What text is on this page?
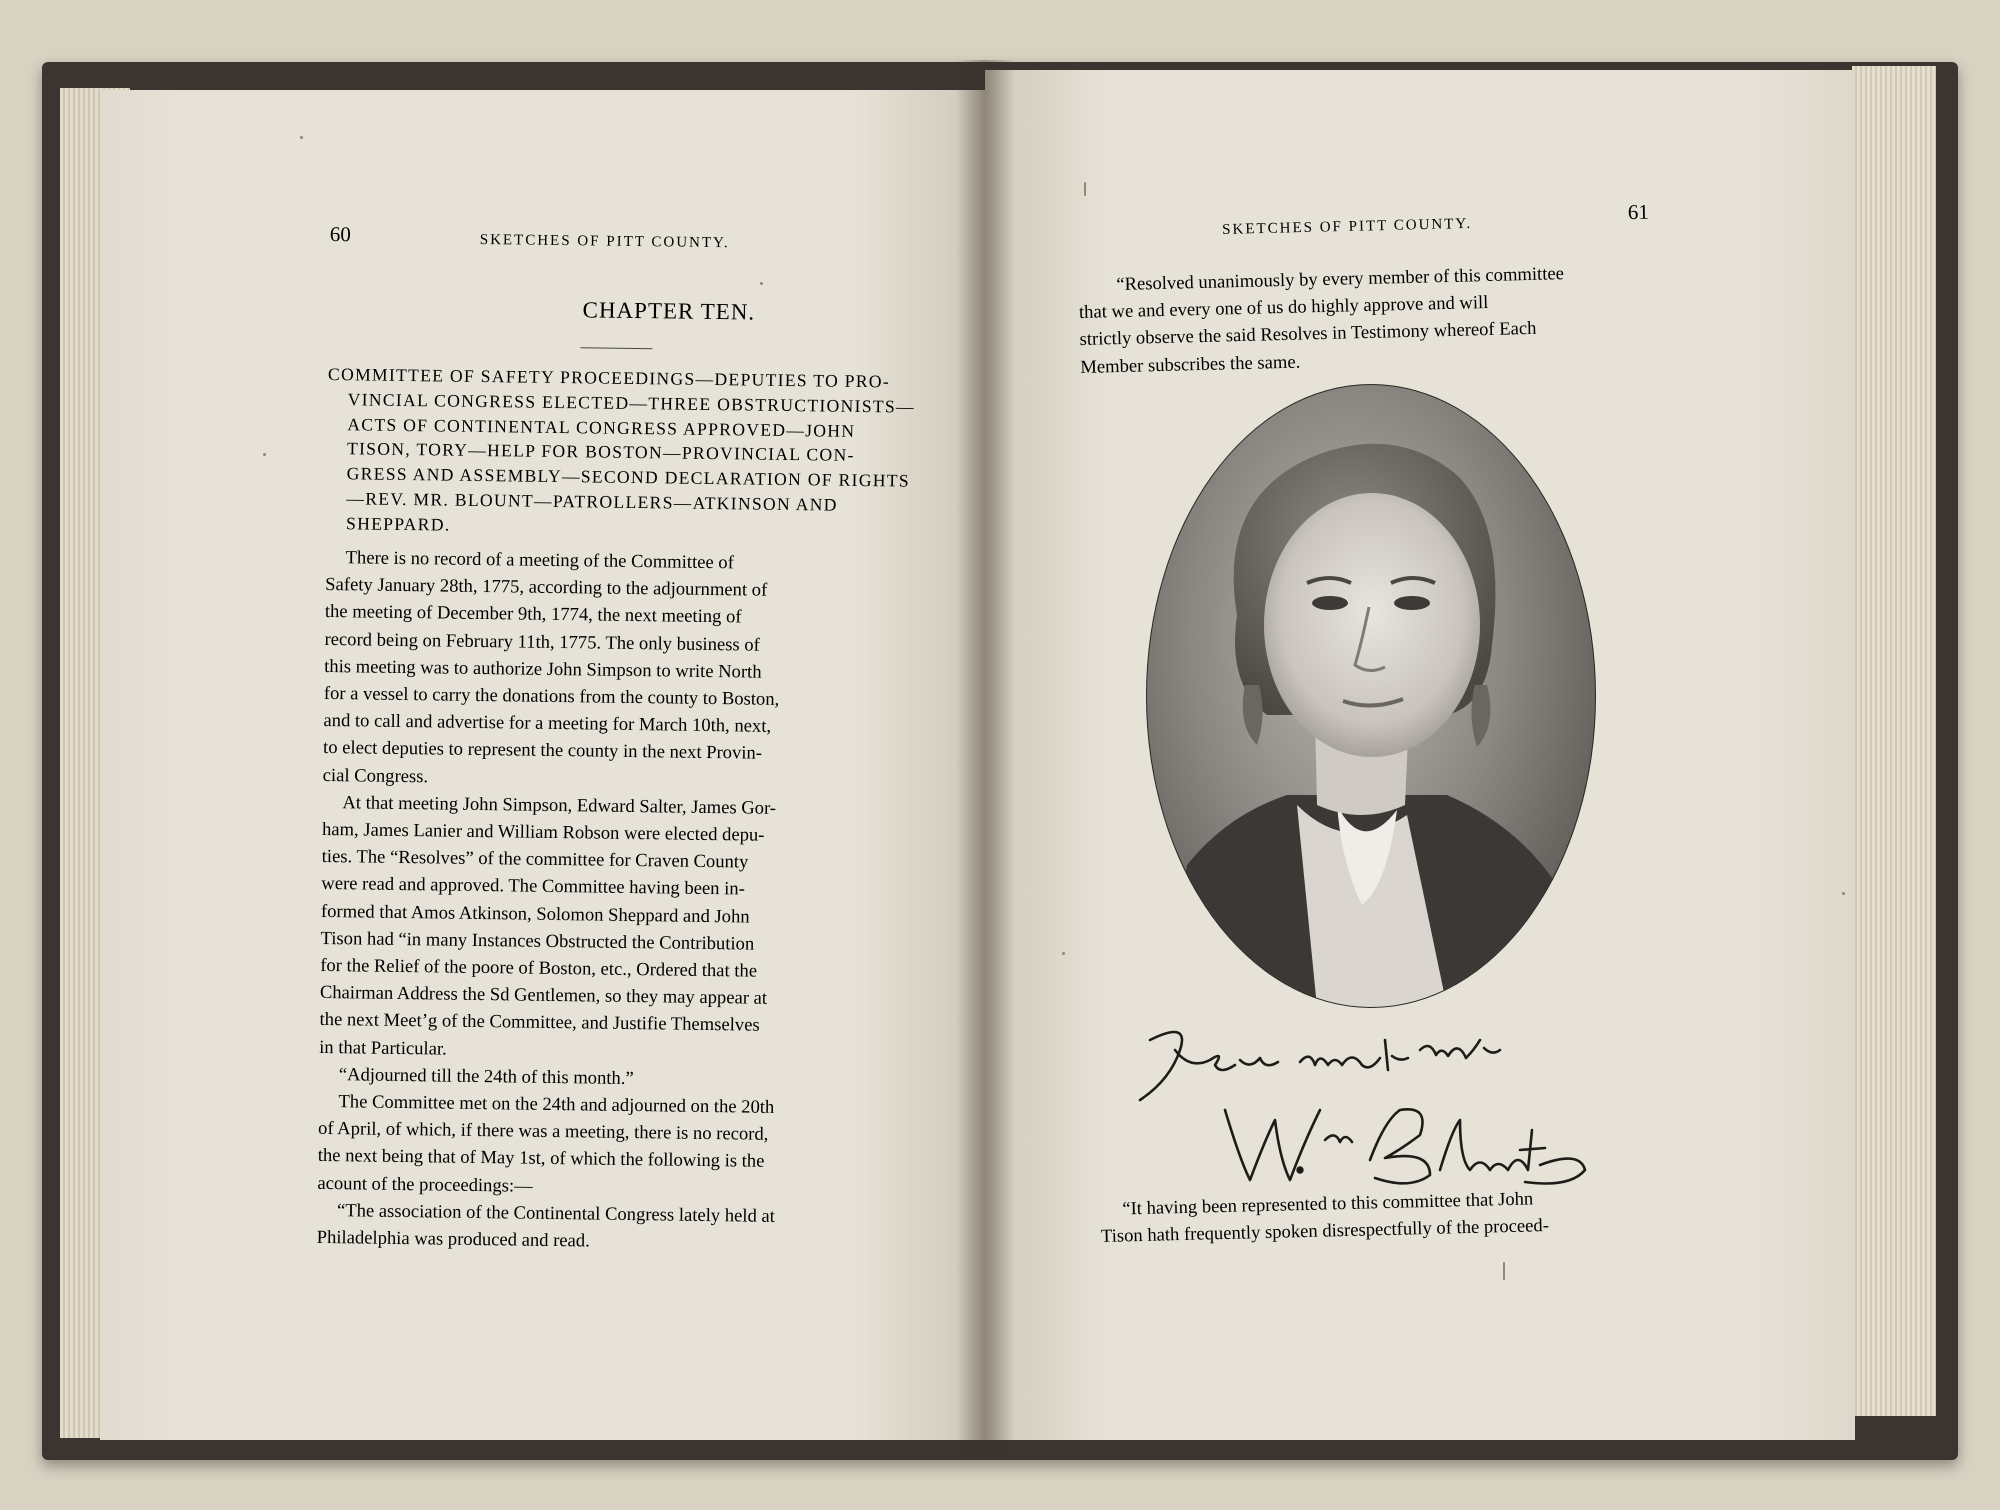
60	SKETCHES OF PITT COUNTY.
CHAPTER TEN.
COMMITTEE OF SAFETY PROCEEDINGS—DEPUTIES TO PRO-
VINCIAL CONGRESS ELECTED—THREE OBSTRUCTIONISTS—
ACTS OF CONTINENTAL CONGRESS APPROVED—JOHN
TISON, TORY—HELP FOR BOSTON—PROVINCIAL CON-
GRESS AND ASSEMBLY—SECOND DECLARATION OF RIGHTS
—REV. MR. BLOUNT—PATROLLERS—ATKINSON AND
SHEPPARD.
There is no record of a meeting of the Committee of
Safety January 28th, 1775, according to the adjournment of
the meeting of December 9th, 1774, the next meeting of
record being on February 11th, 1775. The only business of
this meeting was to authorize John Simpson to write North
for a vessel to carry the donations from the county to Boston,
and to call and advertise for a meeting for March 10th, next,
to elect deputies to represent the county in the next Provin-
cial Congress.
At that meeting John Simpson, Edward Salter, James Gor-
ham, James Lanier and William Robson were elected depu-
ties. The “Resolves” of the committee for Craven County
were read and approved. The Committee having been in-
formed that Amos Atkinson, Solomon Sheppard and John
Tison had “in many Instances Obstructed the Contribution
for the Relief of the poore of Boston, etc., Ordered that the
Chairman Address the Sd Gentlemen, so they may appear at
the next Meet’g of the Committee, and Justifie Themselves
in that Particular.
“Adjourned till the 24th of this month.”
The Committee met on the 24th and adjourned on the 20th
of April, of which, if there was a meeting, there is no record,
the next being that of May 1st, of which the following is the
acount of the proceedings:—
“The association of the Continental Congress lately held at
Philadelphia was produced and read.
SKETCHES OF PITT COUNTY.
61
“Resolved unanimously by every member of this committee
that we and every one of us do highly approve and will
strictly observe the said Resolves in Testimony whereof Each
Member subscribes the same.
“It having been represented to this committee that John
Tison hath frequently spoken disrespectfully of the proceed-
